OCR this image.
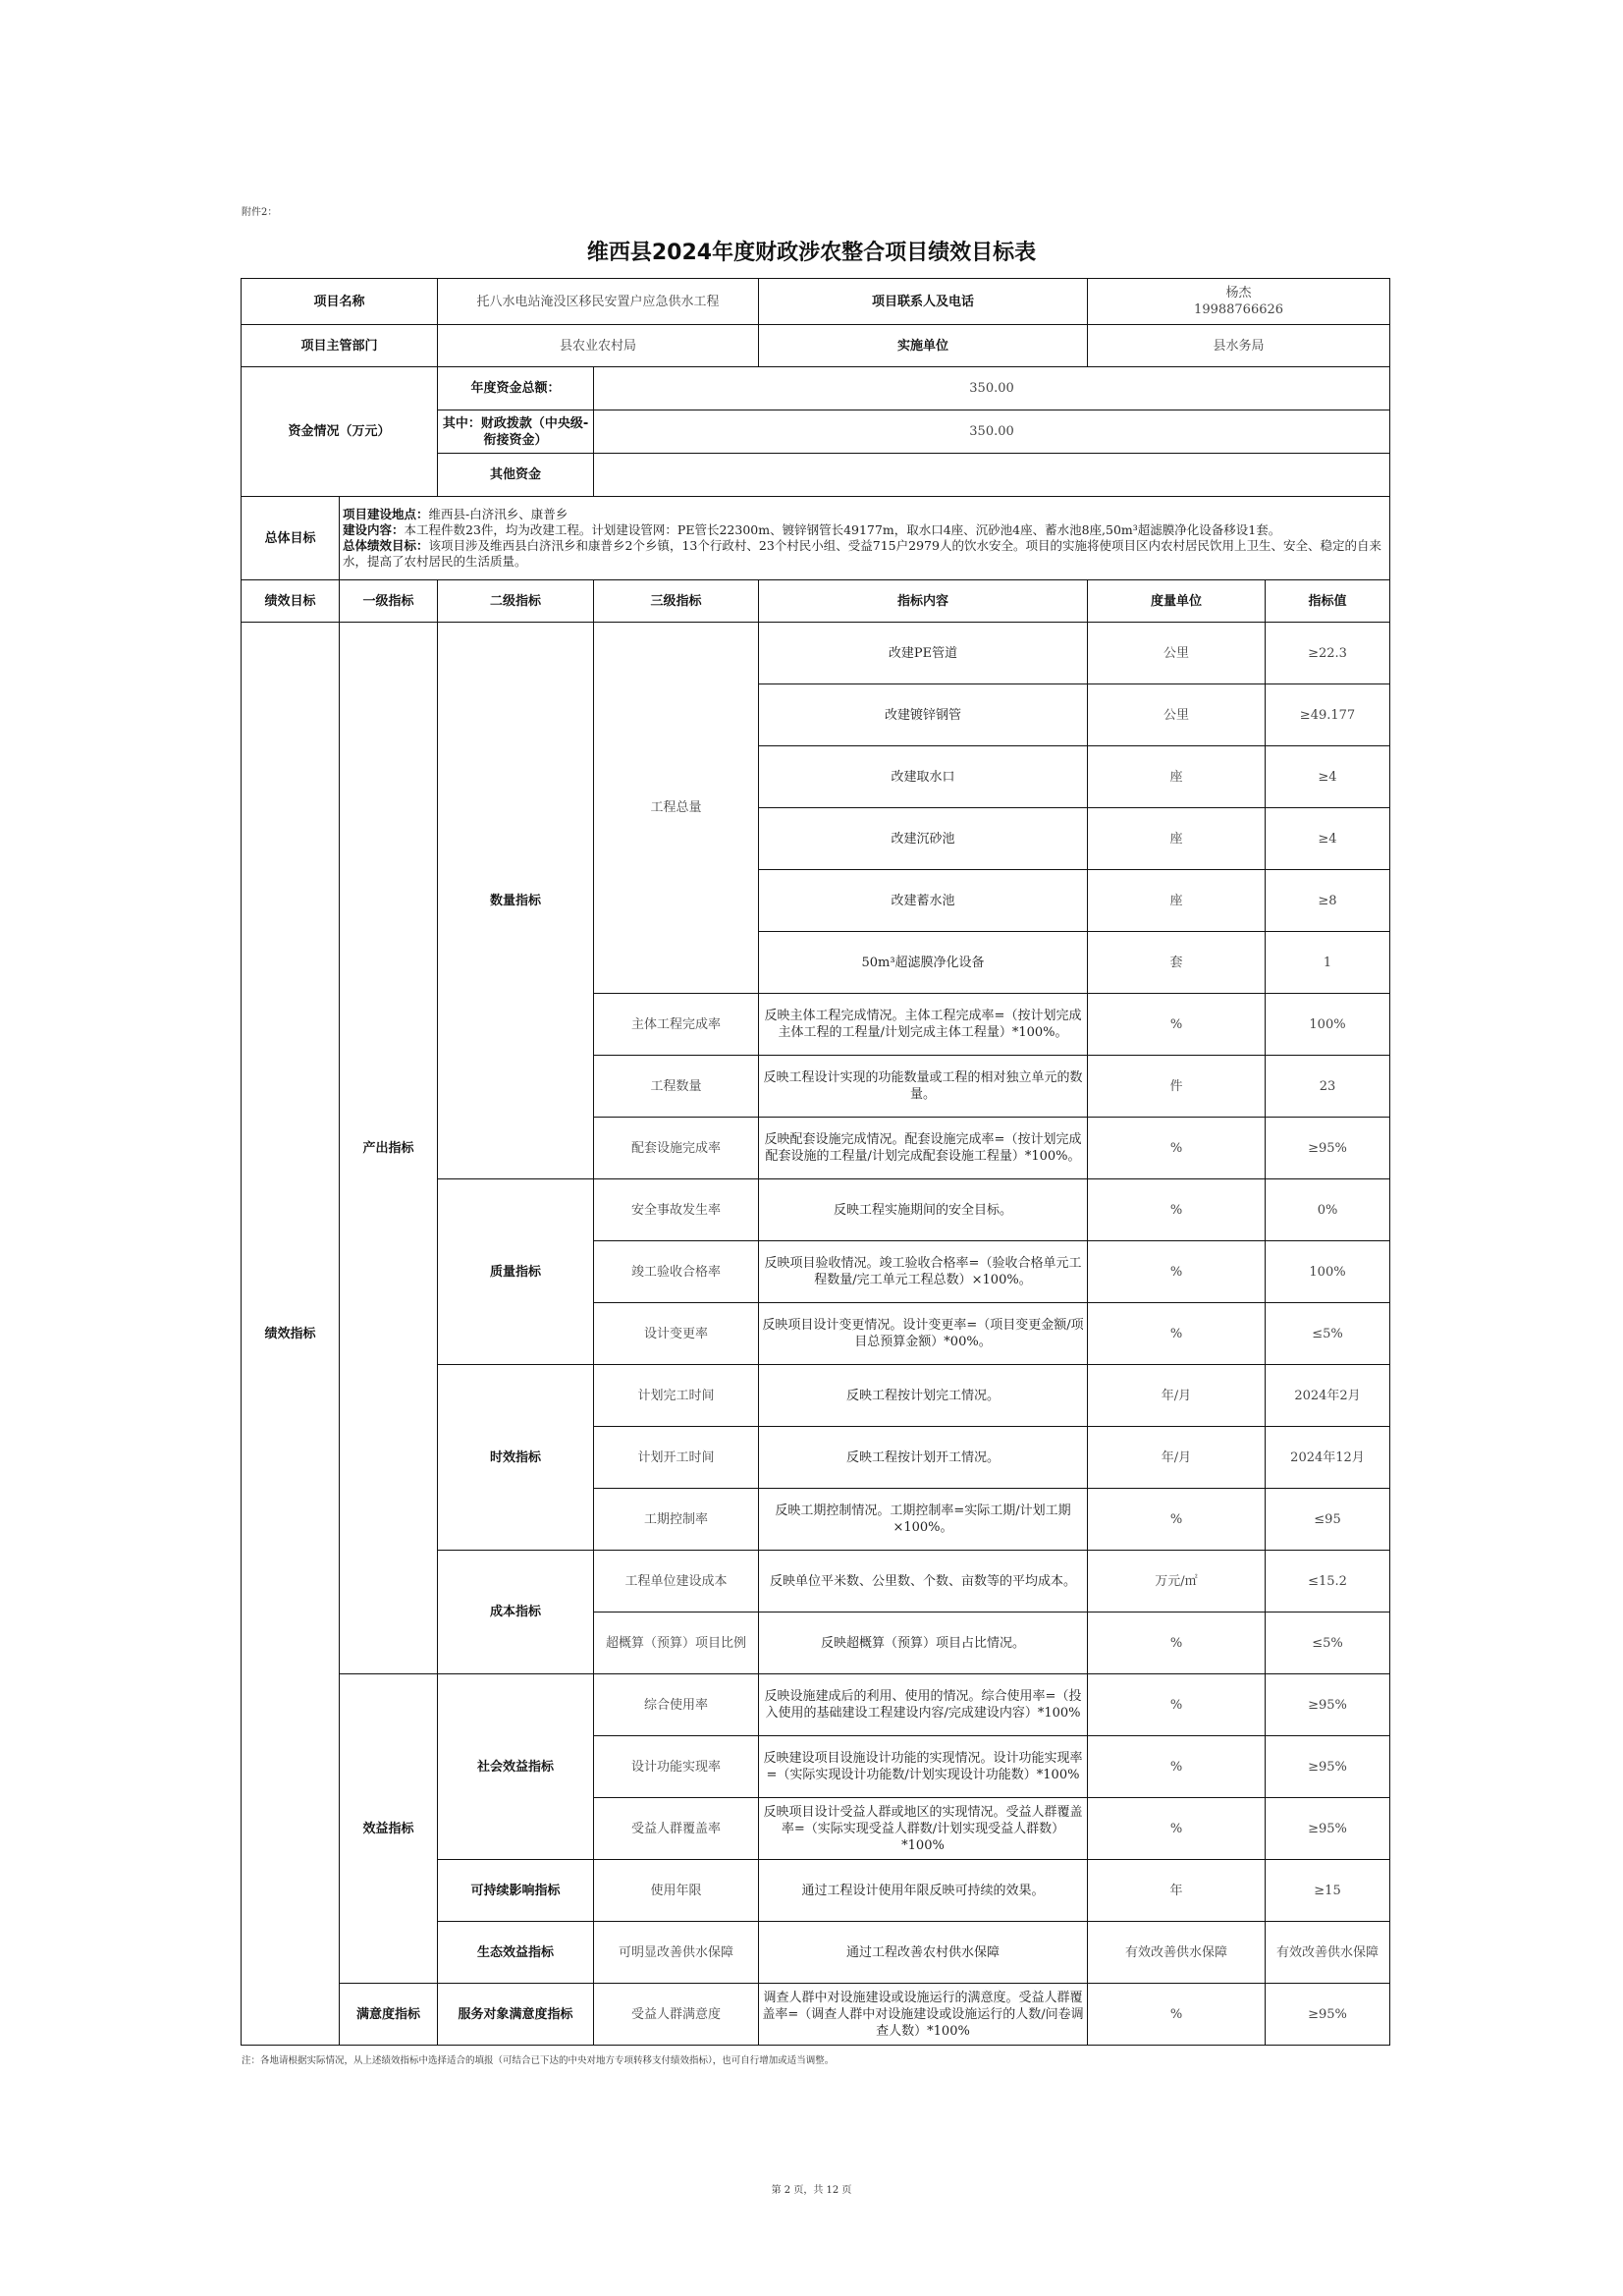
附件2：
维西县2024年度财政涉农整合项目绩效目标表
项目名称		托八水电站淹没区移民安置户应急供水工程		项目联系人及电话	杨杰
19988766626

项目主管部门		县农业农村局		实施单位	县水务局
资金情况（万元）		年度资金总额：	350.00		
		其中：财政拨款（中央级-衔接资金）	350.00		
		其他资金			
总体目标	项目建设地点：维西县-白济汛乡、康普乡
建设内容：本工程件数23件，均为改建工程。计划建设管网：PE管长22300m、镀锌钢管长49177m，取水口4座、沉砂池4座、蓄水池8座,50m³超滤膜净化设备移设1套。
总体绩效目标：该项目涉及维西县白济汛乡和康普乡2个乡镇，13个行政村、23个村民小组、受益715户2979人的饮水安全。项目的实施将使项目区内农村居民饮用上卫生、安全、稳定的自来水，提高了农村居民的生活质量。				
绩效目标	一级指标	二级指标	三级指标	指标内容	度量单位	指标值
绩效指标	产出指标	数量指标	工程总量	改建PE管道	公里	≥22.3
				改建镀锌钢管	公里	≥49.177
				改建取水口	座	≥4
				改建沉砂池	座	≥4
				改建蓄水池	座	≥8
				50m³超滤膜净化设备	套	1
			主体工程完成率	反映主体工程完成情况。主体工程完成率=（按计划完成主体工程的工程量/计划完成主体工程量）*100%。	%	100%
			工程数量	反映工程设计实现的功能数量或工程的相对独立单元的数量。	件	23
			配套设施完成率	反映配套设施完成情况。配套设施完成率=（按计划完成配套设施的工程量/计划完成配套设施工程量）*100%。	%	≥95%
		质量指标	安全事故发生率	反映工程实施期间的安全目标。	%	0%
			竣工验收合格率	反映项目验收情况。竣工验收合格率=（验收合格单元工程数量/完工单元工程总数）×100%。	%	100%
			设计变更率	反映项目设计变更情况。设计变更率=（项目变更金额/项目总预算金额）*00%。	%	≤5%
		时效指标	计划完工时间	反映工程按计划完工情况。	年/月	2024年2月
			计划开工时间	反映工程按计划开工情况。	年/月	2024年12月
			工期控制率	反映工期控制情况。工期控制率=实际工期/计划工期×100%。	%	≤95
		成本指标	工程单位建设成本	反映单位平米数、公里数、个数、亩数等的平均成本。	万元/㎡	≤15.2
			超概算（预算）项目比例	反映超概算（预算）项目占比情况。	%	≤5%
	效益指标	社会效益指标	综合使用率	反映设施建成后的利用、使用的情况。综合使用率=（投入使用的基础建设工程建设内容/完成建设内容）*100%	%	≥95%
			设计功能实现率	反映建设项目设施设计功能的实现情况。设计功能实现率=（实际实现设计功能数/计划实现设计功能数）*100%	%	≥95%
			受益人群覆盖率	反映项目设计受益人群或地区的实现情况。受益人群覆盖率=（实际实现受益人群数/计划实现受益人群数）*100%	%	≥95%
		可持续影响指标	使用年限	通过工程设计使用年限反映可持续的效果。	年	≥15
		生态效益指标	可明显改善供水保障	通过工程改善农村供水保障	有效改善供水保障	有效改善供水保障
	满意度指标	服务对象满意度指标	受益人群满意度	调查人群中对设施建设或设施运行的满意度。受益人群覆盖率=（调查人群中对设施建设或设施运行的人数/问卷调查人数）*100%	%	≥95%
注：各地请根据实际情况，从上述绩效指标中选择适合的填报（可结合已下达的中央对地方专项转移支付绩效指标），也可自行增加或适当调整。
第 2 页，共 12 页
